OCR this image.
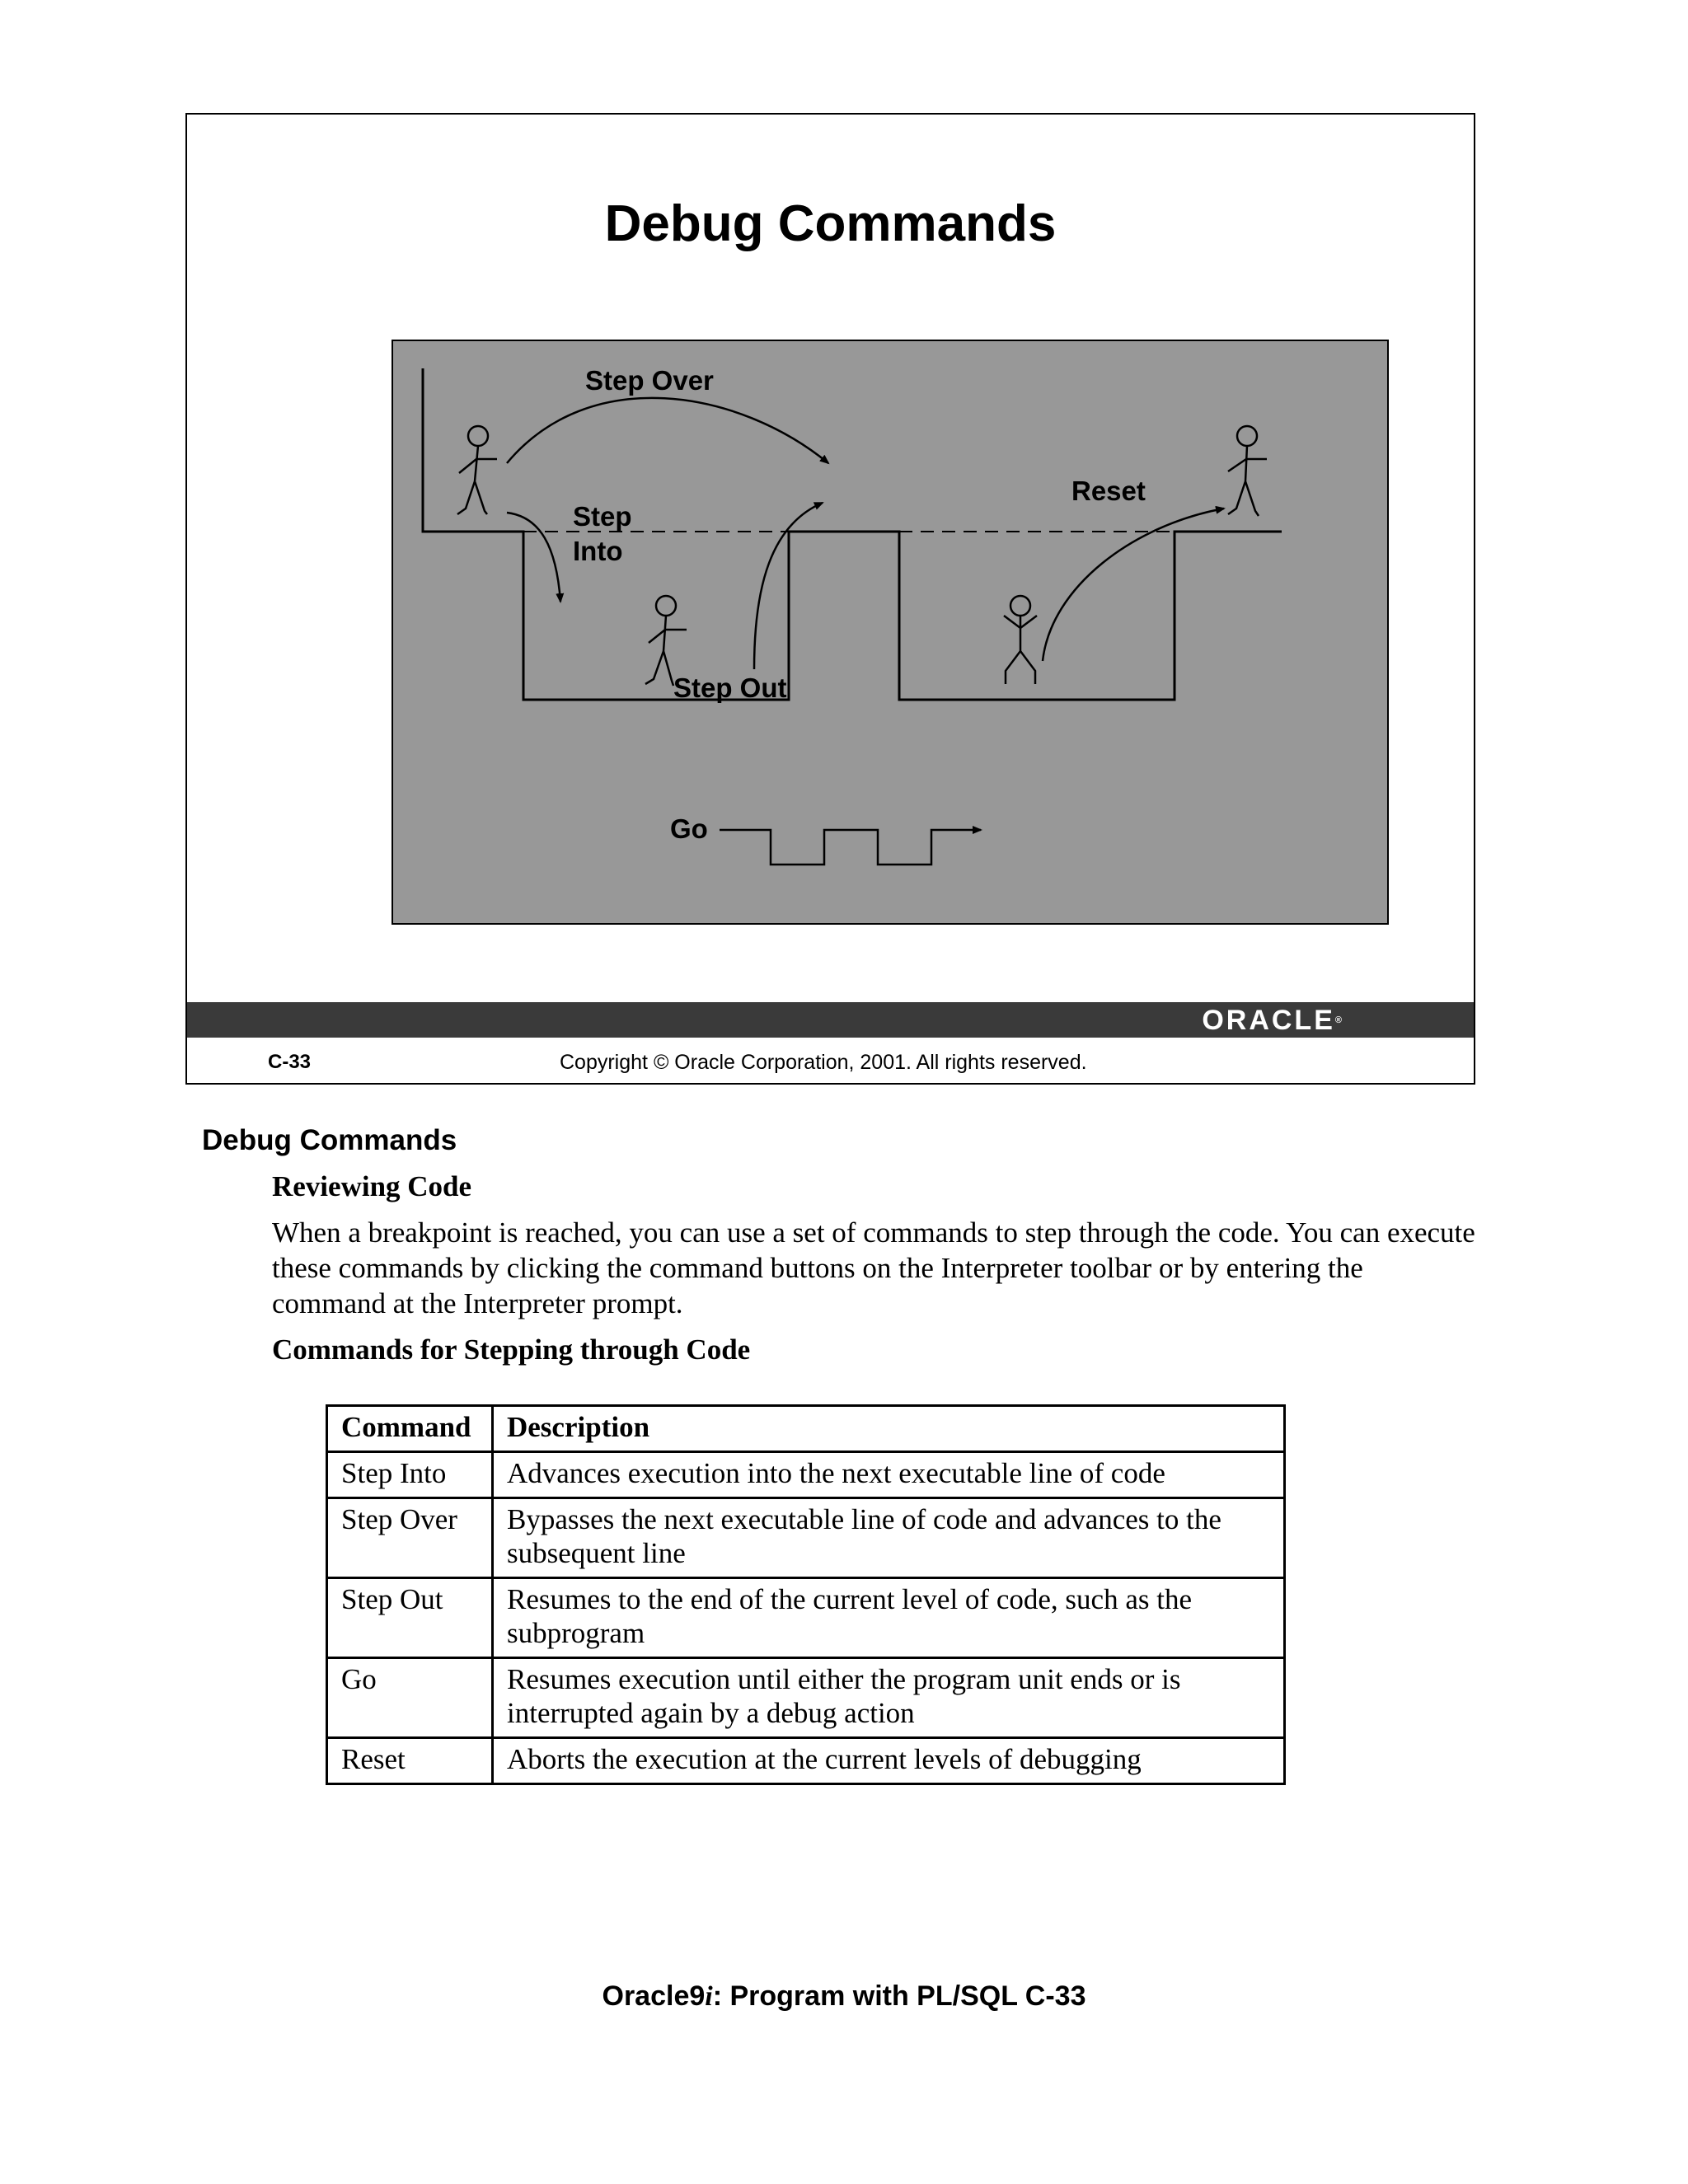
Debug Commands
Step Over
Step
Into
Step Out
Reset
Go
ORACLE®
C-33	Copyright © Oracle Corporation, 2001. All rights reserved.
Debug Commands
Reviewing Code
When a breakpoint is reached, you can use a set of commands to step through the code. You can execute these commands by clicking the command buttons on the Interpreter toolbar or by entering the command at the Interpreter prompt.
Commands for Stepping through Code
Command	Description
Step Into	Advances execution into the next executable line of code
Step Over	Bypasses the next executable line of code and advances to the subsequent line
Step Out	Resumes to the end of the current level of code, such as the subprogram
Go	Resumes execution until either the program unit ends or is interrupted again by a debug action
Reset	Aborts the execution at the current levels of debugging
Oracle9i: Program with PL/SQL C-33
